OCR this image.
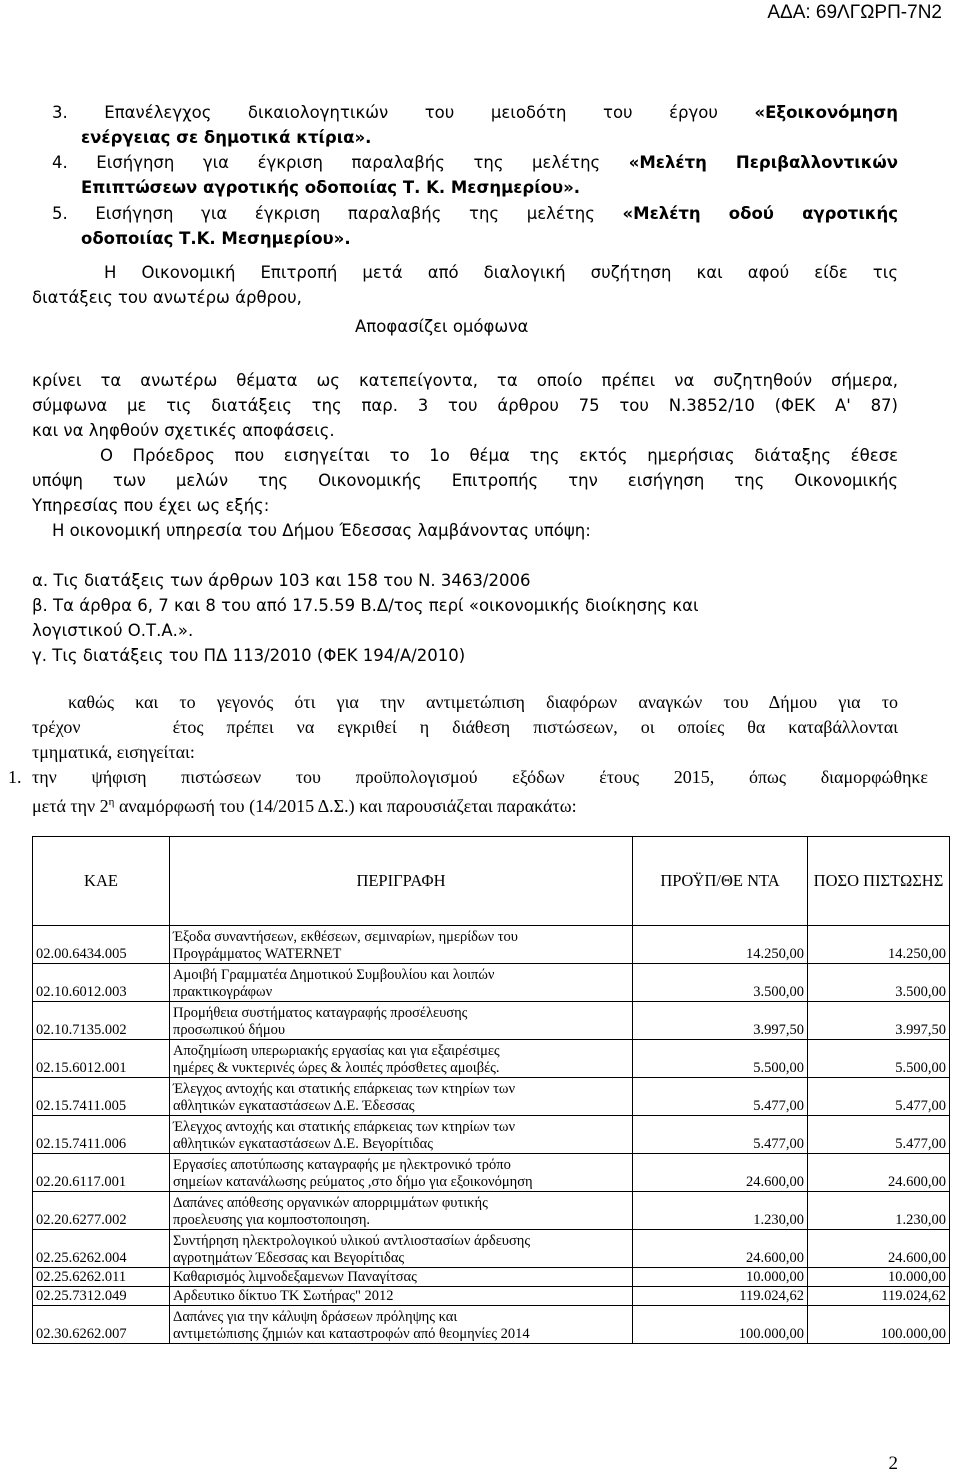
ΑΔΑ: 69ΛΓΩΡΠ-7Ν2
3. Επανέλεγχος δικαιολογητικών του μειοδότη του έργου «Εξοικονόμηση
ενέργειας σε δημοτικά κτίρια».
4. Εισήγηση για έγκριση παραλαβής της μελέτης «Μελέτη Περιβαλλοντικών
Επιπτώσεων αγροτικής οδοποιίας Τ. Κ. Μεσημερίου».
5. Εισήγηση για έγκριση παραλαβής της μελέτης «Μελέτη οδού αγροτικής
οδοποιίας Τ.Κ. Μεσημερίου».
Η Οικονομική Επιτροπή μετά από διαλογική συζήτηση και αφού είδε τις
διατάξεις του ανωτέρω άρθρου,
Αποφασίζει ομόφωνα
κρίνει τα ανωτέρω θέματα ως κατεπείγοντα, τα οποίο πρέπει να συζητηθούν σήμερα,
σύμφωνα με τις διατάξεις της παρ. 3 του άρθρου 75 του Ν.3852/10 (ΦΕΚ Α' 87)
και να ληφθούν σχετικές αποφάσεις.
Ο Πρόεδρος που εισηγείται το 1ο θέμα της εκτός ημερήσιας διάταξης έθεσε
υπόψη των μελών της Οικονομικής Επιτροπής την εισήγηση της Οικονομικής
Υπηρεσίας που έχει ως εξής:
Η οικονομική υπηρεσία του Δήμου Έδεσσας λαμβάνοντας υπόψη:
α. Τις διατάξεις των άρθρων 103 και 158 του Ν. 3463/2006
β. Τα άρθρα 6, 7 και 8 του από 17.5.59 Β.Δ/τος περί «οικονομικής διοίκησης και
λογιστικού Ο.Τ.Α.».
γ. Τις διατάξεις του ΠΔ 113/2010 (ΦΕΚ 194/Α/2010)
καθώς και το γεγονός ότι για την αντιμετώπιση διαφόρων αναγκών του Δήμου για το
τρέχον    έτος πρέπει να εγκριθεί η διάθεση πιστώσεων, οι οποίες θα καταβάλλονται
τμηματικά, εισηγείται:
1. την ψήφιση πιστώσεων του προϋπολογισμού εξόδων έτους 2015, όπως διαμορφώθηκε
μετά την $2^\eta$ αναμόρφωσή του (14/2015 Δ.Σ.) και παρουσιάζεται παρακάτω:
ΚΑΕ	ΠΕΡΙΓΡΑΦΗ	ΠΡΟΫΠ/ΘΕ ΝΤΑ	ΠΟΣΟ ΠΙΣΤΩΣΗΣ
02.00.6434.005	Έξοδα συναντήσεων, εκθέσεων, σεμιναρίων, ημερίδων του
Προγράμματος WATERNET	14.250,00	14.250,00
02.10.6012.003	Αμοιβή Γραμματέα Δημοτικού Συμβουλίου και λοιπών
πρακτικογράφων	3.500,00	3.500,00
02.10.7135.002	Προμήθεια συστήματος καταγραφής προσέλευσης
προσωπικού δήμου	3.997,50	3.997,50
02.15.6012.001	Αποζημίωση υπερωριακής εργασίας και για εξαιρέσιμες
ημέρες & νυκτερινές ώρες & λοιπές πρόσθετες αμοιβές.	5.500,00	5.500,00
02.15.7411.005	Έλεγχος αντοχής και στατικής επάρκειας των κτηρίων των
αθλητικών εγκαταστάσεων Δ.Ε. Έδεσσας	5.477,00	5.477,00
02.15.7411.006	Έλεγχος αντοχής και στατικής επάρκειας των κτηρίων των
αθλητικών εγκαταστάσεων Δ.Ε. Βεγορίτιδας	5.477,00	5.477,00
02.20.6117.001	Εργασίες αποτύπωσης καταγραφής με ηλεκτρονικό τρόπο
σημείων κατανάλωσης ρεύματος ,στο δήμο για εξοικονόμηση	24.600,00	24.600,00
02.20.6277.002	Δαπάνες απόθεσης οργανικών απορριμμάτων φυτικής
προελευσης για κομποστοποιηση.	1.230,00	1.230,00
02.25.6262.004	Συντήρηση ηλεκτρολογικού υλικού αντλιοστασίων άρδευσης
αγροτημάτων Έδεσσας και Βεγορίτιδας	24.600,00	24.600,00
02.25.6262.011	Καθαρισμός λιμνοδεξαμενων Παναγίτσας	10.000,00	10.000,00
02.25.7312.049	Αρδευτικο δίκτυο ΤΚ Σωτήρας" 2012	119.024,62	119.024,62
02.30.6262.007	Δαπάνες για την κάλυψη δράσεων πρόληψης και
αντιμετώπισης ζημιών και καταστροφών από θεομηνίες 2014	100.000,00	100.000,00
2
